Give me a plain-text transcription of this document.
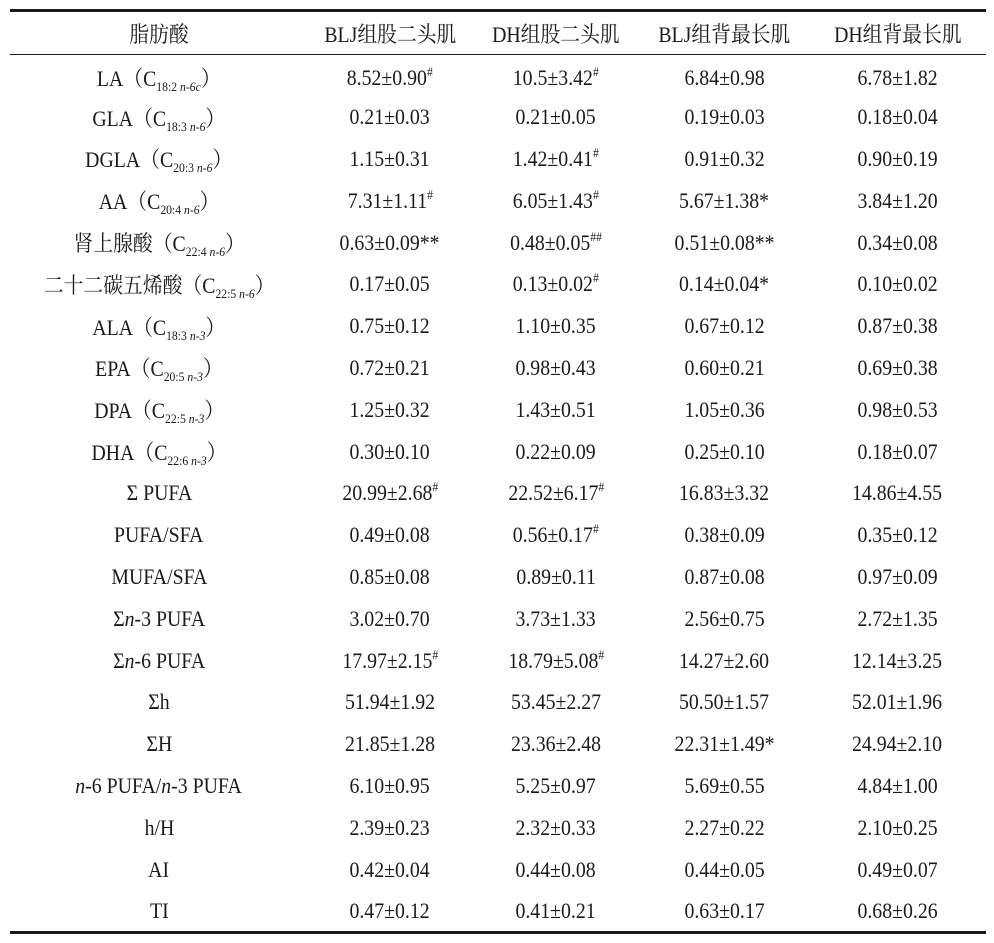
脂肪酸	BLJ组股二头肌	DH组股二头肌	BLJ组背最长肌	DH组背最长肌
$LA(C_{18:2}$ $_{n-6c}$）	8.52±0.90#	10.5±3.42#	6.84±0.98	6.78±1.82
$GLA(C_{18:3}$ $_{n-6}$）	0.21±0.03	0.21±0.05	0.19±0.03	0.18±0.04
$DGLA(C_{20:3}$ $_{n-6}$）	1.15±0.31	1.42±0.41#	0.91±0.32	0.90±0.19
$AA(C_{20:4}$ $_{n-6}$）	7.31±1.11#	6.05±1.43#	5.67±1.38*	3.84±1.20
肾上腺酸（$C_{22:4}$ $_{n-6}$）	0.63±0.09**	0.48±0.05##	0.51±0.08**	0.34±0.08
二十二碳五烯酸（$C_{22:5}$ $_{n-6}$）	0.17±0.05	0.13±0.02#	0.14±0.04*	0.10±0.02
$ALA(C_{18:3}$ $_{n-3}$）	0.75±0.12	1.10±0.35	0.67±0.12	0.87±0.38
$EPA(C_{20:5}$ $_{n-3}$）	0.72±0.21	0.98±0.43	0.60±0.21	0.69±0.38
$DPA(C_{22:5}$ $_{n-3}$）	1.25±0.32	1.43±0.51	1.05±0.36	0.98±0.53
$DHA(C_{22:6}$ $_{n-3}$）	0.30±0.10	0.22±0.09	0.25±0.10	0.18±0.07
Σ PUFA	20.99±2.68#	22.52±6.17#	16.83±3.32	14.86±4.55
PUFA/SFA	0.49±0.08	0.56±0.17#	0.38±0.09	0.35±0.12
MUFA/SFA	0.85±0.08	0.89±0.11	0.87±0.08	0.97±0.09
Σn-3 PUFA	3.02±0.70	3.73±1.33	2.56±0.75	2.72±1.35
Σn-6 PUFA	17.97±2.15#	18.79±5.08#	14.27±2.60	12.14±3.25
Σh	51.94±1.92	53.45±2.27	50.50±1.57	52.01±1.96
ΣH	21.85±1.28	23.36±2.48	22.31±1.49*	24.94±2.10
n-6 PUFA/n-3 PUFA	6.10±0.95	5.25±0.97	5.69±0.55	4.84±1.00
h/H	2.39±0.23	2.32±0.33	2.27±0.22	2.10±0.25
AI	0.42±0.04	0.44±0.08	0.44±0.05	0.49±0.07
TI	0.47±0.12	0.41±0.21	0.63±0.17	0.68±0.26
